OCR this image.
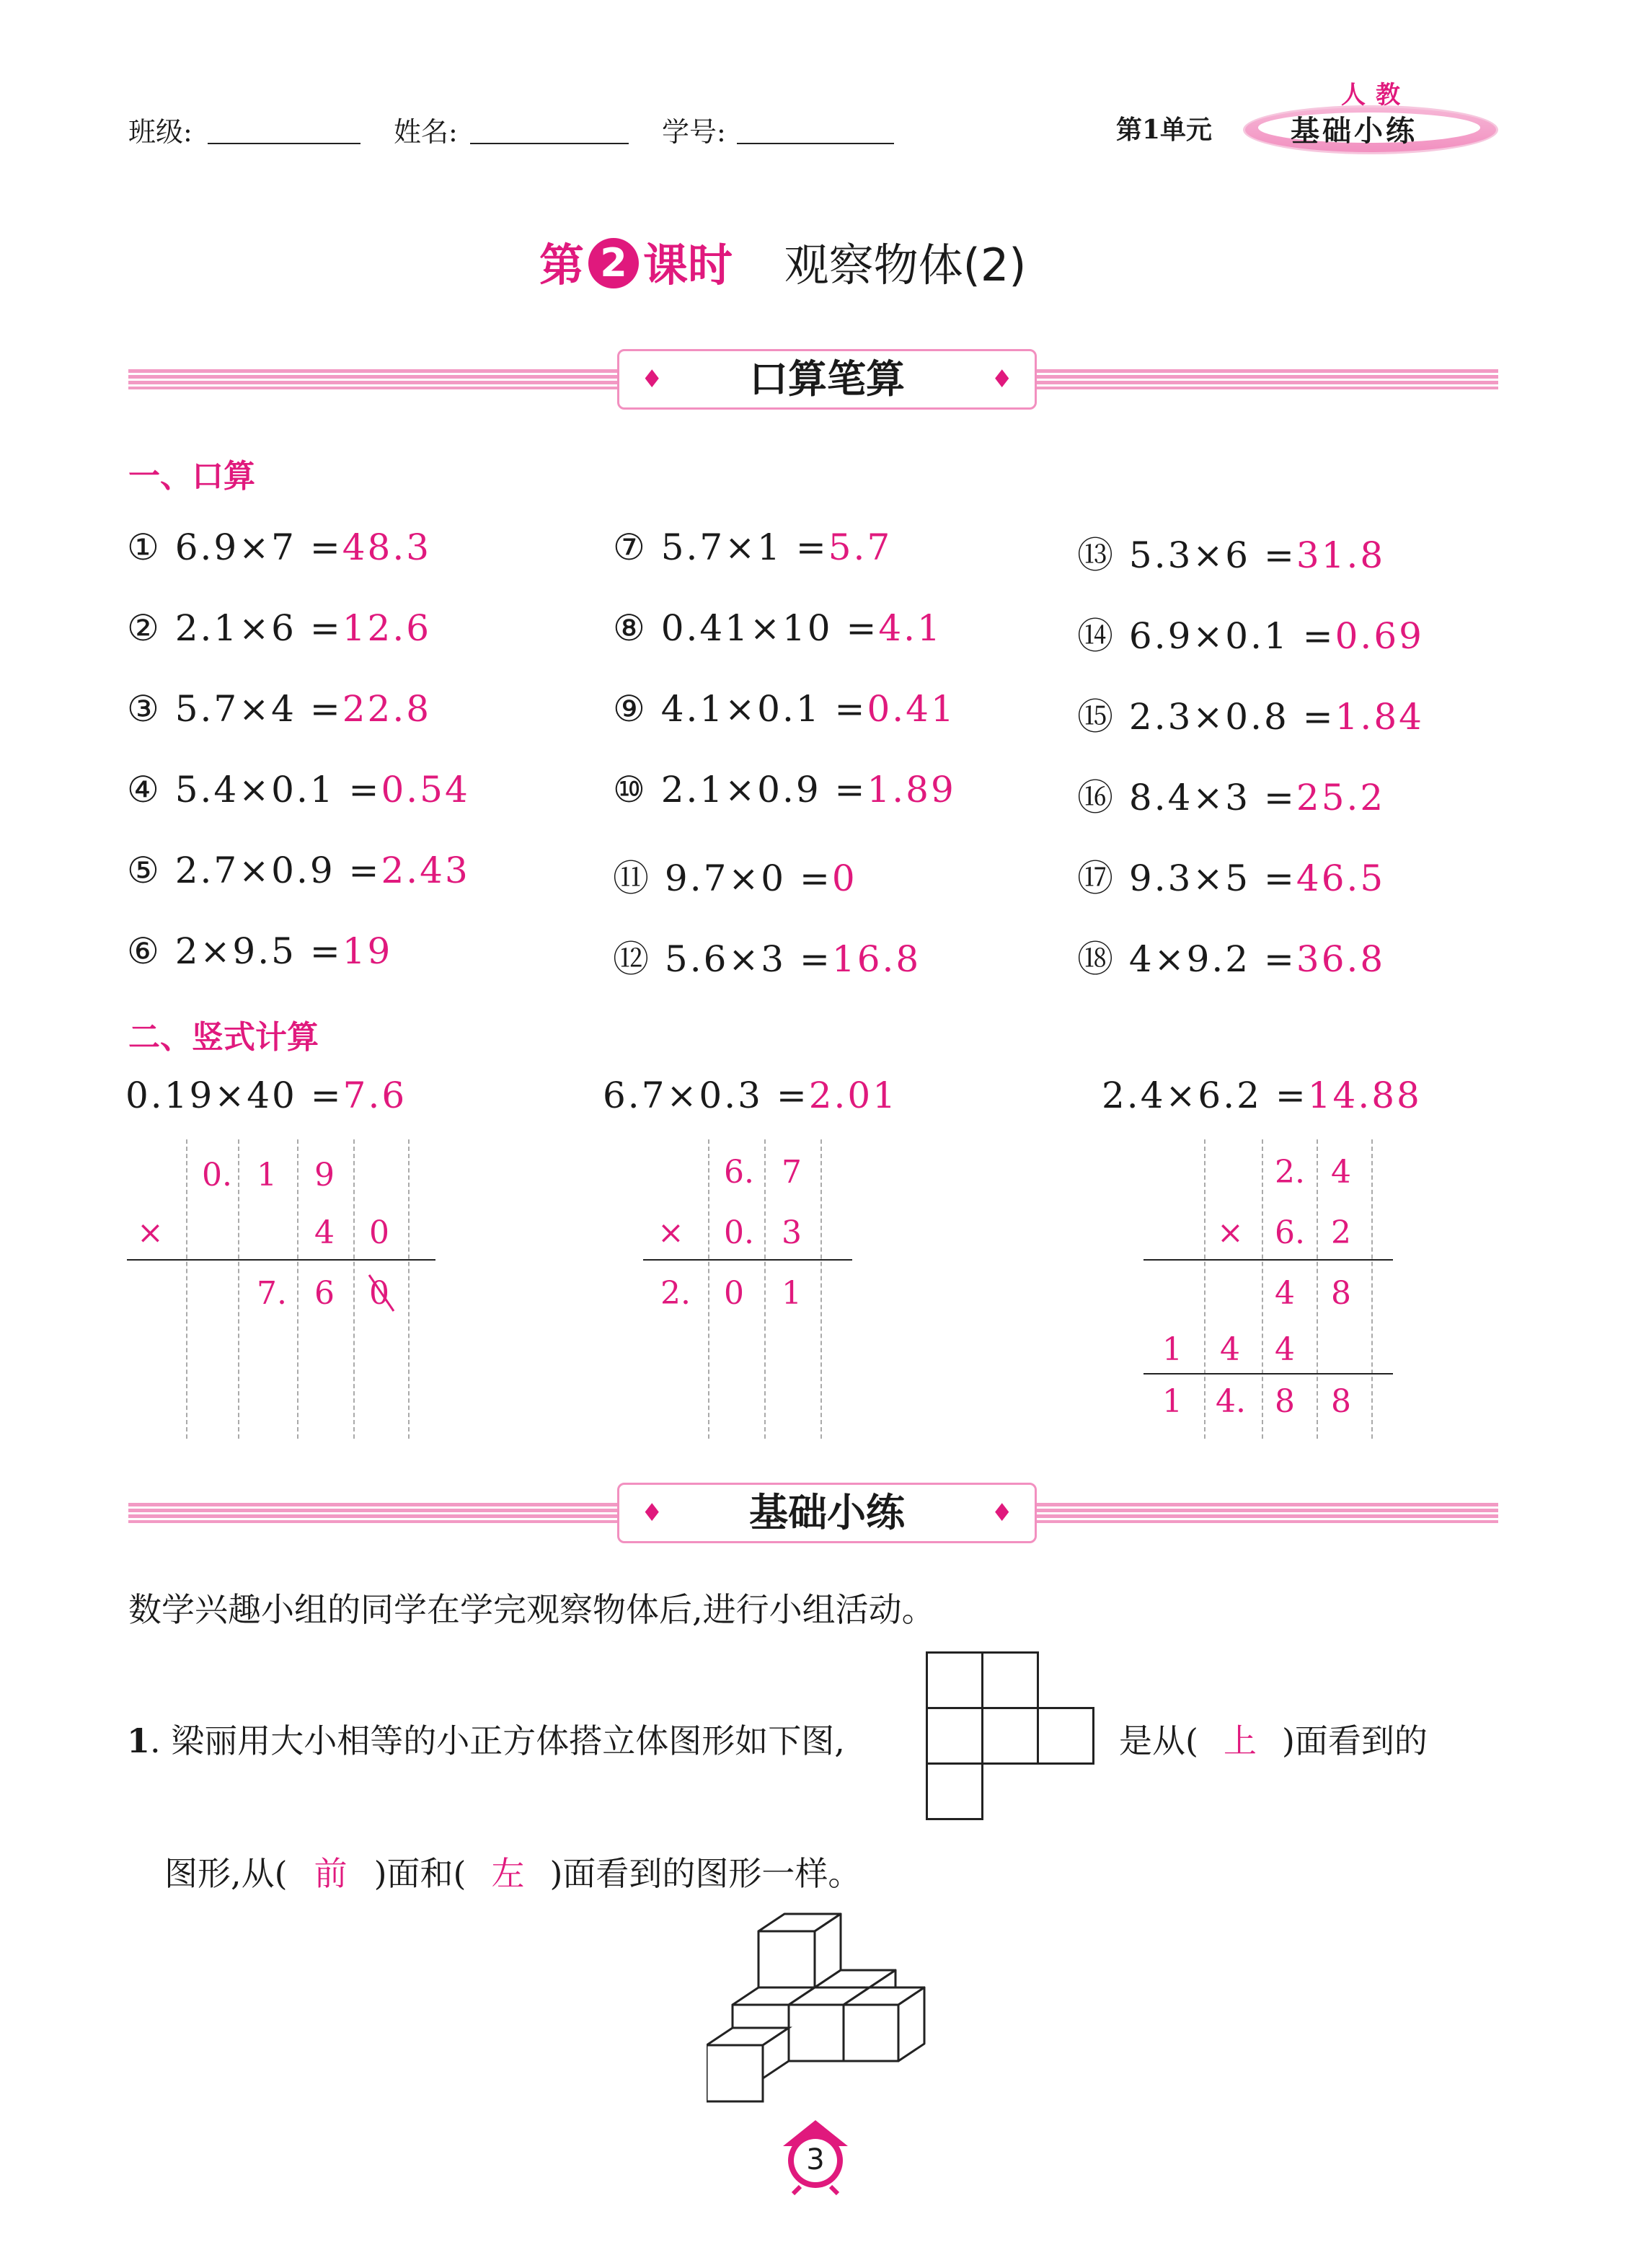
班级:	姓名:	学号:	第1单元	基础小练
人教
第 2 课时 观察物体(2)
♦ 口算笔算	♦
一、口算
① 6.9×7 =48.3
② 2.1×6 =12.6
③ 5.7×4 =22.8
④ 5.4×0.1 =0.54
⑤ 2.7×0.9 =2.43
⑥ 2×9.5 =19
⑦ 5.7×1 =5.7
⑧ 0.41×10 =4.1
⑨ 4.1×0.1 =0.41
⑩ 2.1×0.9 =1.89
⑪ 9.7×0 =0
⑫ 5.6×3 =16.8
⑬ 5.3×6 =31.8
⑭ 6.9×0.1 =0.69
⑮ 2.3×0.8 =1.84
⑯ 8.4×3 =25.2
⑰ 9.3×5 =46.5
⑱ 4×9.2 =36.8
二、竖式计算
0.19×40 =7.6	6.7×0.3 =2.01	2.4×6.2 =14.88
0. 1 9
×	4 0
7. 6 0
6. 7
× 0. 3
2. 0 1
2. 4
× 6. 2
4 8
1 4 4
1 4. 8 8
♦ 基础小练	♦
数学兴趣小组的同学在学完观察物体后,进行小组活动。
1. 梁丽用大小相等的小正方体搭立体图形如下图,	是从( 上 )面看到的
图形,从( 前 )面和( 左 )面看到的图形一样。
3
